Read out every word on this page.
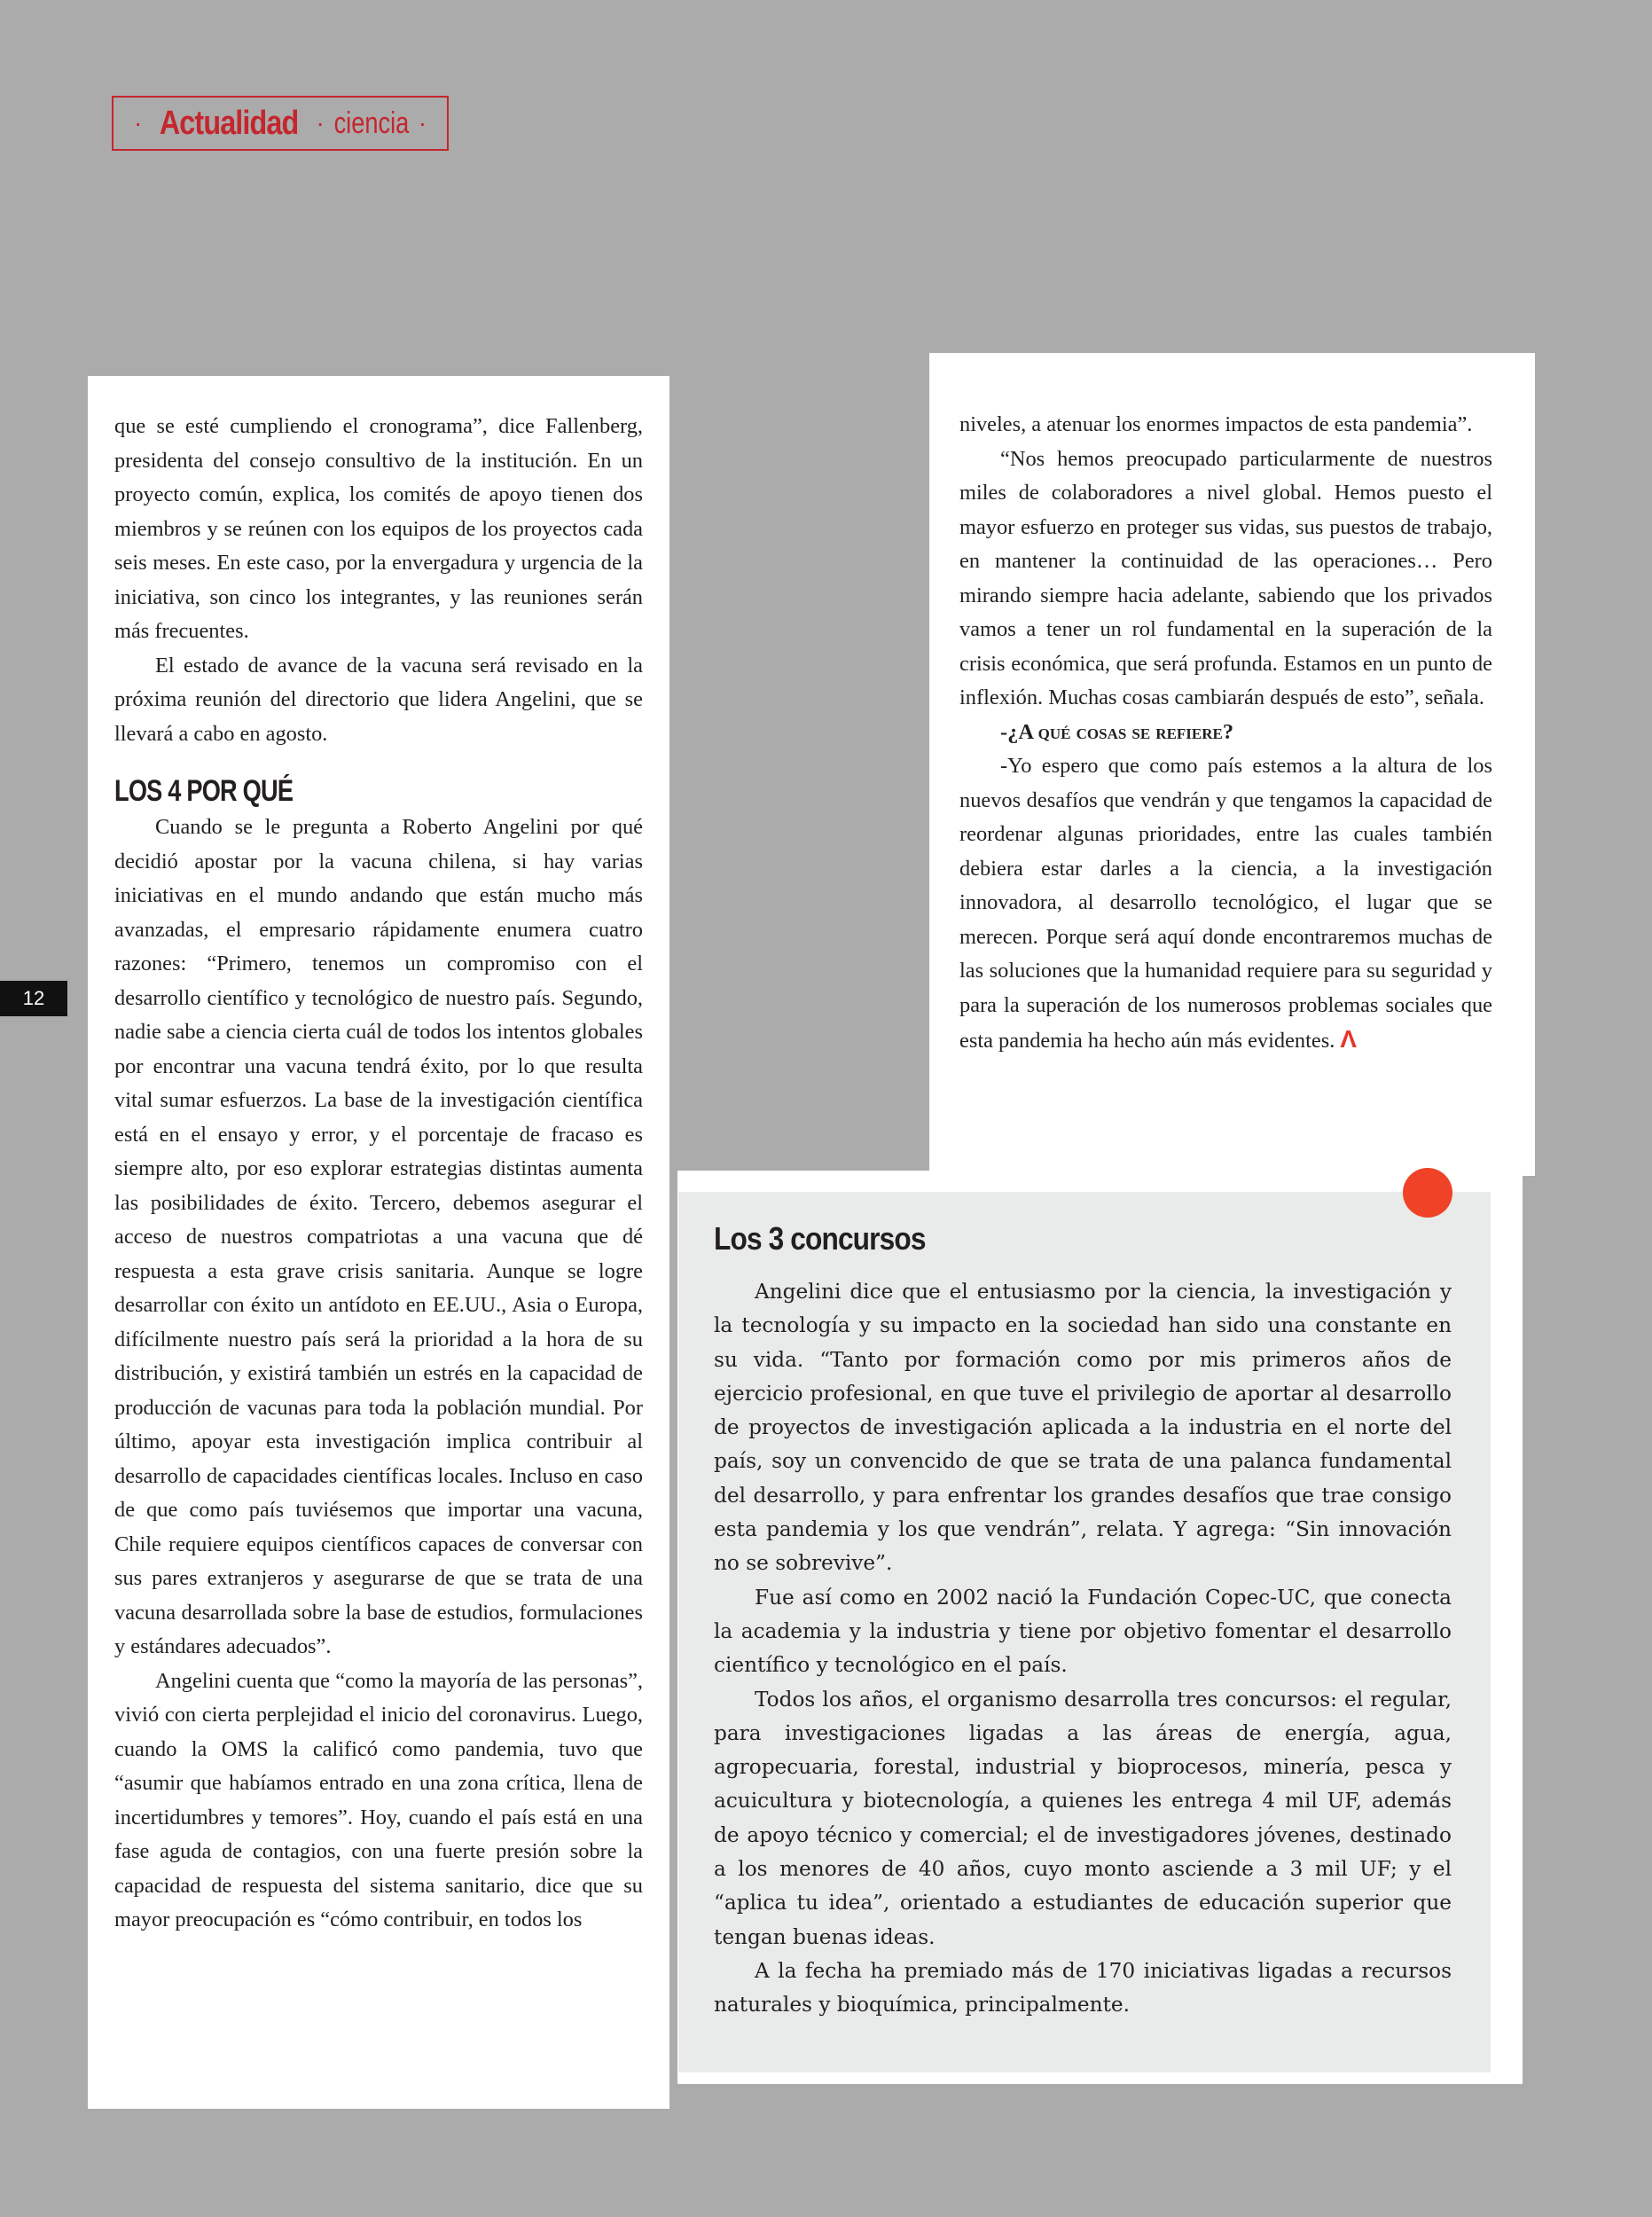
· Actualidad · ciencia ·
12

que se esté cumpliendo el cronograma”, dice Fallenberg, presidenta del consejo consultivo de la institución. En un proyecto común, explica, los comités de apoyo tienen dos miembros y se reúnen con los equipos de los proyectos cada seis meses. En este caso, por la envergadura y urgencia de la iniciativa, son cinco los integrantes, y las reuniones serán más frecuentes.

El estado de avance de la vacuna será revisado en la próxima reunión del directorio que lidera Angelini, que se llevará a cabo en agosto.

LOS 4 POR QUÉ

Cuando se le pregunta a Roberto Angelini por qué decidió apostar por la vacuna chilena, si hay varias iniciativas en el mundo andando que están mucho más avanzadas, el empresario rápidamente enumera cuatro razones: “Primero, tenemos un compromiso con el desarrollo científico y tecnológico de nuestro país. Segundo, nadie sabe a ciencia cierta cuál de todos los intentos globales por encontrar una vacuna tendrá éxito, por lo que resulta vital sumar esfuerzos. La base de la investigación científica está en el ensayo y error, y el porcentaje de fracaso es siempre alto, por eso explorar estrategias distintas aumenta las posibilidades de éxito. Tercero, debemos asegurar el acceso de nuestros compatriotas a una vacuna que dé respuesta a esta grave crisis sanitaria. Aunque se logre desarrollar con éxito un antídoto en EE.UU., Asia o Europa, difícilmente nuestro país será la prioridad a la hora de su distribución, y existirá también un estrés en la capacidad de producción de vacunas para toda la población mundial. Por último, apoyar esta investigación implica contribuir al desarrollo de capacidades científicas locales. Incluso en caso de que como país tuviésemos que importar una vacuna, Chile requiere equipos científicos capaces de conversar con sus pares extranjeros y asegurarse de que se trata de una vacuna desarrollada sobre la base de estudios, formulaciones y estándares adecuados”.

Angelini cuenta que “como la mayoría de las personas”, vivió con cierta perplejidad el inicio del coronavirus. Luego, cuando la OMS la calificó como pandemia, tuvo que “asumir que habíamos entrado en una zona crítica, llena de incertidumbres y temores”. Hoy, cuando el país está en una fase aguda de contagios, con una fuerte presión sobre la capacidad de respuesta del sistema sanitario, dice que su mayor preocupación es “cómo contribuir, en todos los

niveles, a atenuar los enormes impactos de esta pandemia”.

“Nos hemos preocupado particularmente de nuestros miles de colaboradores a nivel global. Hemos puesto el mayor esfuerzo en proteger sus vidas, sus puestos de trabajo, en mantener la continuidad de las operaciones… Pero mirando siempre hacia adelante, sabiendo que los privados vamos a tener un rol fundamental en la superación de la crisis económica, que será profunda. Estamos en un punto de inflexión. Muchas cosas cambiarán después de esto”, señala.

-¿A qué cosas se refiere?

-Yo espero que como país estemos a la altura de los nuevos desafíos que vendrán y que tengamos la capacidad de reordenar algunas prioridades, entre las cuales también debiera estar darles a la ciencia, a la investigación innovadora, al desarrollo tecnológico, el lugar que se merecen. Porque será aquí donde encontraremos muchas de las soluciones que la humanidad requiere para su seguridad y para la superación de los numerosos problemas sociales que esta pandemia ha hecho aún más evidentes. Λ

Los 3 concursos

Angelini dice que el entusiasmo por la ciencia, la investigación y la tecnología y su impacto en la sociedad han sido una constante en su vida. “Tanto por formación como por mis primeros años de ejercicio profesional, en que tuve el privilegio de aportar al desarrollo de proyectos de investigación aplicada a la industria en el norte del país, soy un convencido de que se trata de una palanca fundamental del desarrollo, y para enfrentar los grandes desafíos que trae consigo esta pandemia y los que vendrán”, relata. Y agrega: “Sin innovación no se sobrevive”.

Fue así como en 2002 nació la Fundación Copec-UC, que conecta la academia y la industria y tiene por objetivo fomentar el desarrollo científico y tecnológico en el país.

Todos los años, el organismo desarrolla tres concursos: el regular, para investigaciones ligadas a las áreas de energía, agua, agropecuaria, forestal, industrial y bioprocesos, minería, pesca y acuicultura y biotecnología, a quienes les entrega 4 mil UF, además de apoyo técnico y comercial; el de investigadores jóvenes, destinado a los menores de 40 años, cuyo monto asciende a 3 mil UF; y el “aplica tu idea”, orientado a estudiantes de educación superior que tengan buenas ideas.

A la fecha ha premiado más de 170 iniciativas ligadas a recursos naturales y bioquímica, principalmente.
